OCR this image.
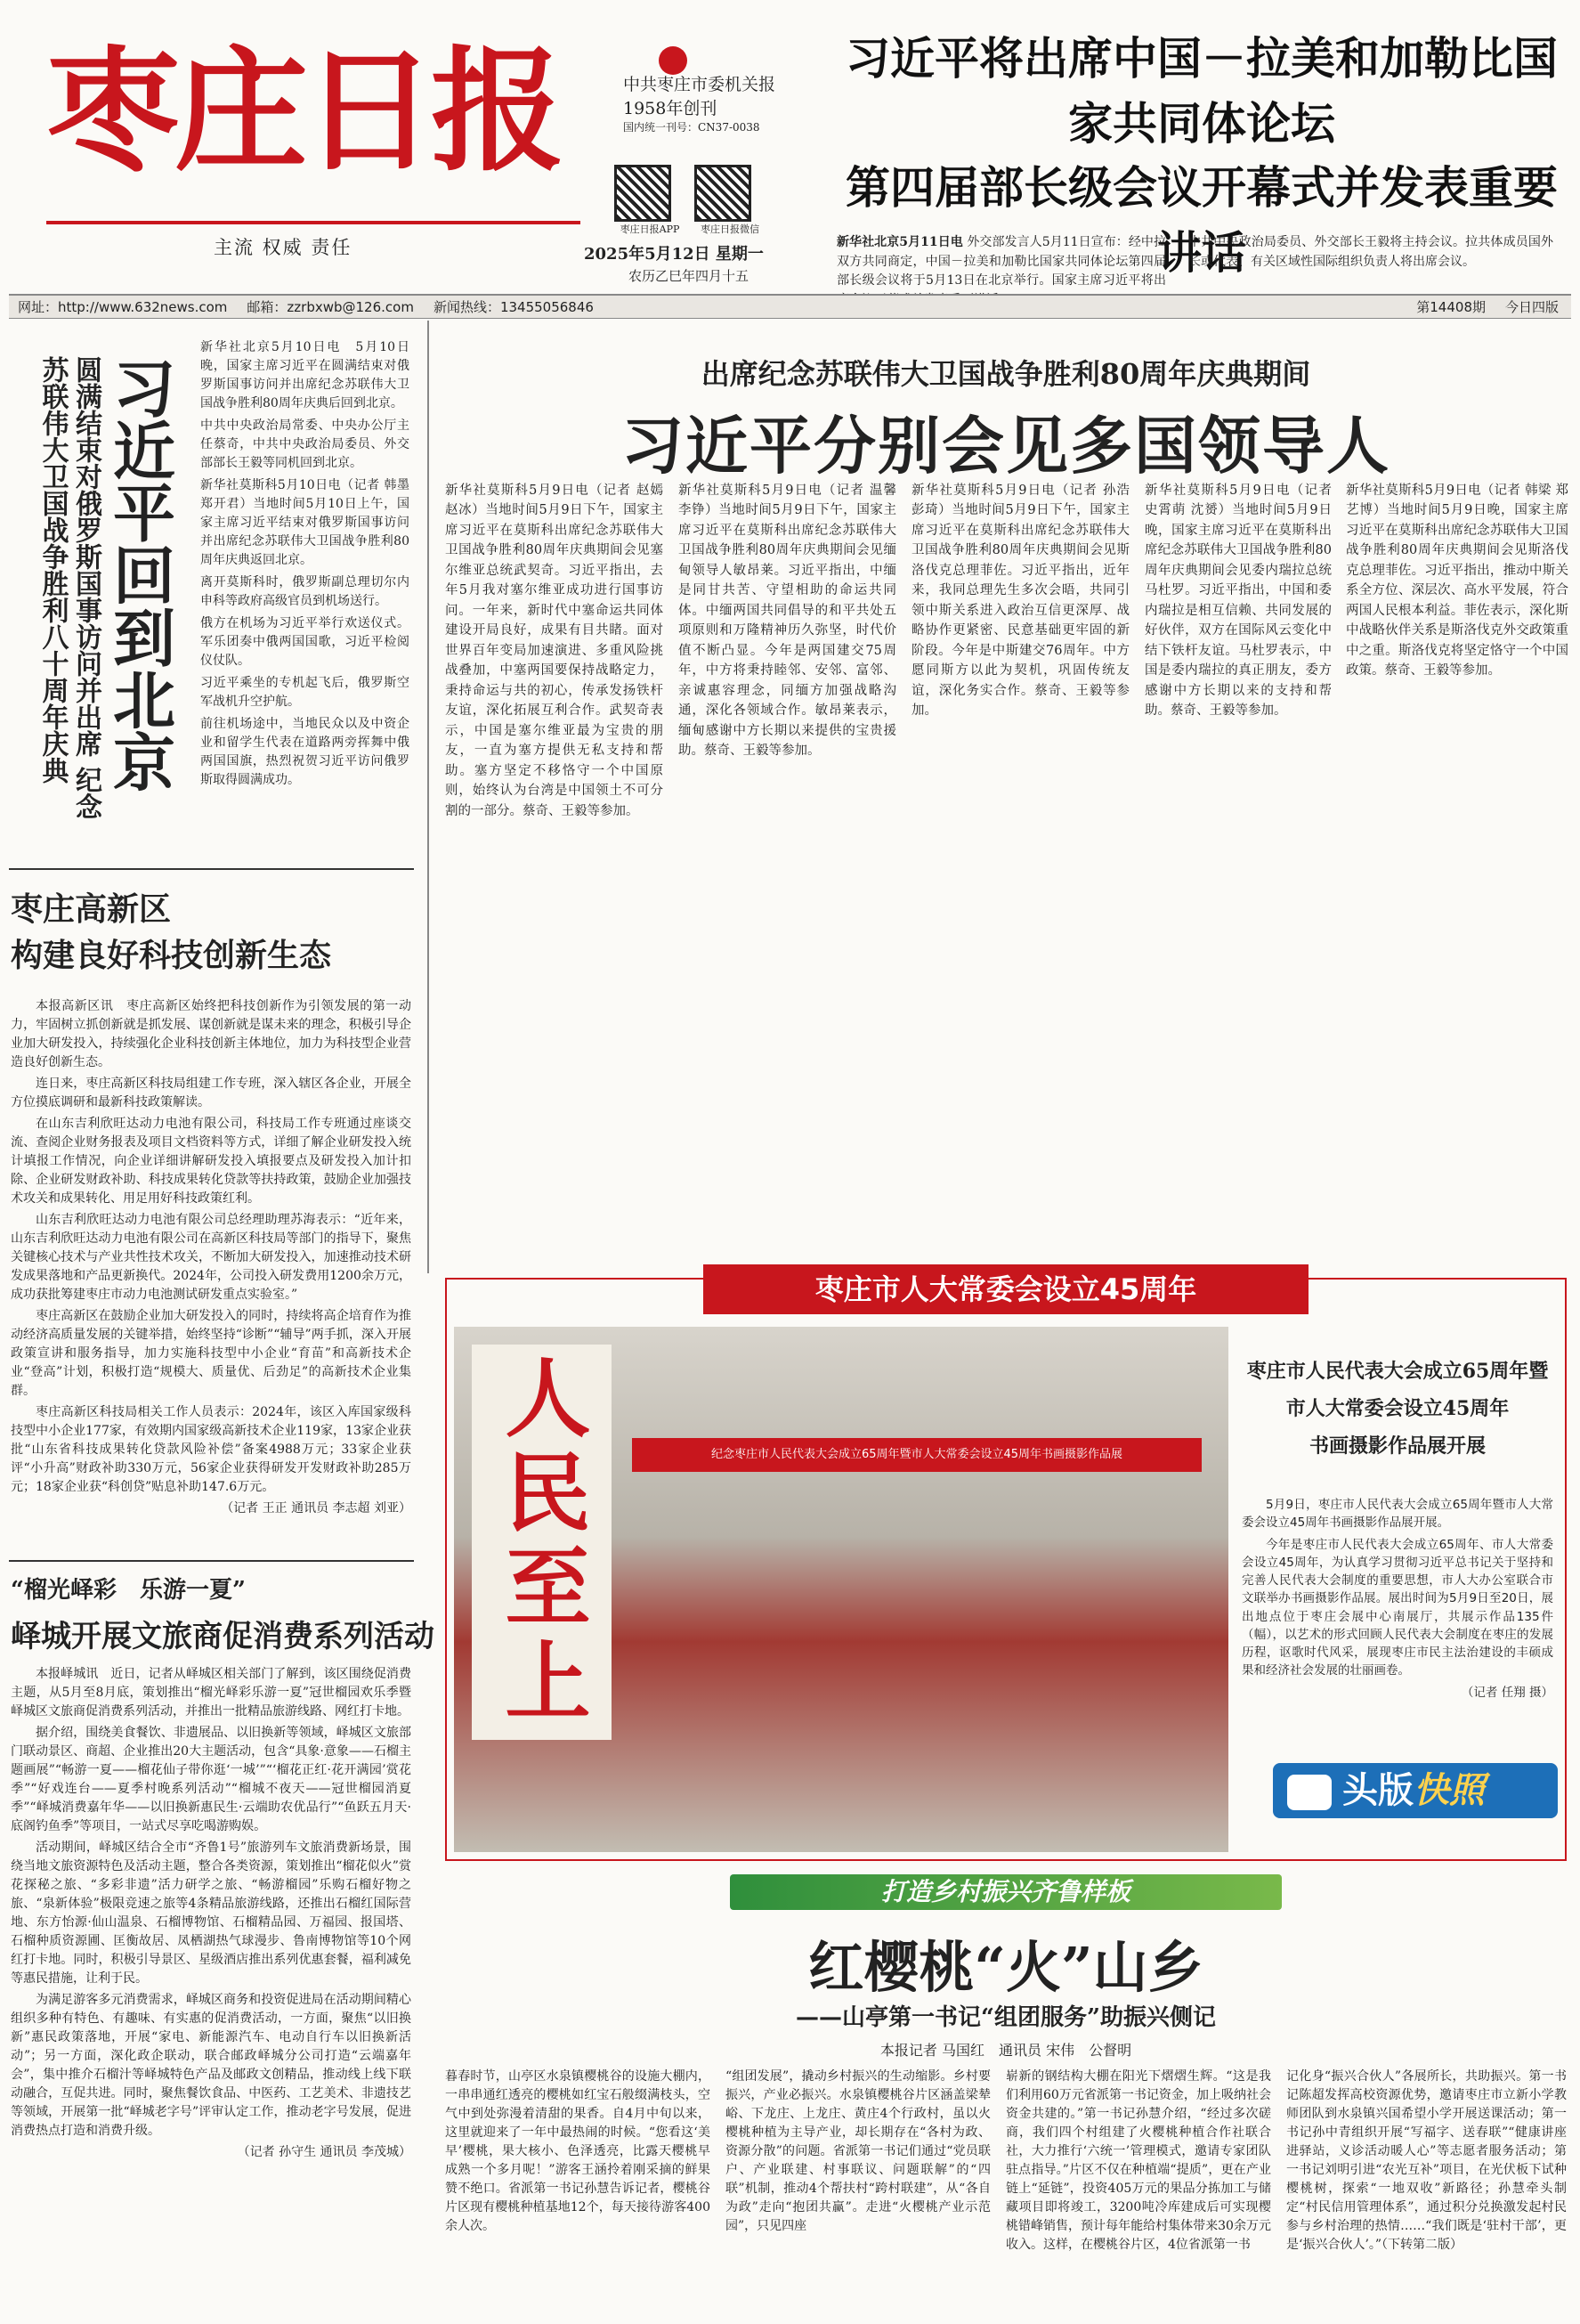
枣庄日报
主流 权威 责任
中共枣庄市委机关报
1958年创刊
国内统一刊号：CN37-0038
枣庄日报APP	枣庄日报微信
2025年5月12日 星期一
农历乙巳年四月十五
习近平将出席中国－拉美和加勒比国家共同体论坛
第四届部长级会议开幕式并发表重要讲话
新华社北京5月11日电 外交部发言人5月11日宣布：经中拉双方共同商定，中国－拉美和加勒比国家共同体论坛第四届部长级会议将于5月13日在北京举行。国家主席习近平将出
中共中央政治局委员、外交部长王毅将主持会议。拉共体成员国外长或代表、有关区域性国际组织负责人将出席会议。
网址：http://www.632news.com 邮箱：zzrbxwb@126.com 新闻热线：13455056846	第14408期 今日四版
习近平回到北京
圆满结束对俄罗斯国事访问并出席 纪念苏联伟大卫国战争胜利八十周年庆典

新华社北京5月10日电　5月10日晚，国家主席习近平在圆满结束对俄罗斯国事访问并出席纪念苏联伟大卫国战争胜利80周年庆典后回到北京。

中共中央政治局常委、中央办公厅主任蔡奇，中共中央政治局委员、外交部部长王毅等同机回到北京。

新华社莫斯科5月10日电（记者 韩墨 郑开君）当地时间5月10日上午，国家主席习近平结束对俄罗斯国事访问并出席纪念苏联伟大卫国战争胜利80周年庆典返回北京。

离开莫斯科时，俄罗斯副总理切尔内申科等政府高级官员到机场送行。

俄方在机场为习近平举行欢送仪式。军乐团奏中俄两国国歌，习近平检阅仪仗队。

习近平乘坐的专机起飞后，俄罗斯空军战机升空护航。

前往机场途中，当地民众以及中资企业和留学生代表在道路两旁挥舞中俄两国国旗，热烈祝贺习近平访问俄罗斯取得圆满成功。

出席纪念苏联伟大卫国战争胜利80周年庆典期间
习近平分别会见多国领导人
新华社莫斯科5月9日电（记者 赵嫣 赵冰）当地时间5月9日下午，国家主席习近平在莫斯科出席纪念苏联伟大卫国战争胜利80周年庆典期间会见塞尔维亚总统武契奇。习近平指出，去年5月我对塞尔维亚成功进行国事访问。一年来，新时代中塞命运共同体建设开局良好，成果有目共睹。面对世界百年变局加速演进、多重风险挑战叠加，中塞两国要保持战略定力，秉持命运与共的初心，传承发扬铁杆友谊，深化拓展互利合作。武契奇表示，中国是塞尔维亚最为宝贵的朋友，一直为塞方提供无私支持和帮助。塞方坚定不移恪守一个中国原则，始终认为台湾是中国领土不可分割的一部分。蔡奇、王毅等参加。
新华社莫斯科5月9日电（记者 温馨 李铮）当地时间5月9日下午，国家主席习近平在莫斯科出席纪念苏联伟大卫国战争胜利80周年庆典期间会见缅甸领导人敏昂莱。习近平指出，中缅是同甘共苦、守望相助的命运共同体。中缅两国共同倡导的和平共处五项原则和万隆精神历久弥坚，时代价值不断凸显。今年是两国建交75周年，中方将秉持睦邻、安邻、富邻、亲诚惠容理念，同缅方加强战略沟通，深化各领域合作。敏昂莱表示，缅甸感谢中方长期以来提供的宝贵援助。蔡奇、王毅等参加。
新华社莫斯科5月9日电（记者 孙浩 彭琦）当地时间5月9日下午，国家主席习近平在莫斯科出席纪念苏联伟大卫国战争胜利80周年庆典期间会见斯洛伐克总理菲佐。习近平指出，近年来，我同总理先生多次会晤，共同引领中斯关系进入政治互信更深厚、战略协作更紧密、民意基础更牢固的新阶段。今年是中斯建交76周年。中方愿同斯方以此为契机，巩固传统友谊，深化务实合作。蔡奇、王毅等参加。
新华社莫斯科5月9日电（记者 史霄萌 沈赟）当地时间5月9日晚，国家主席习近平在莫斯科出席纪念苏联伟大卫国战争胜利80周年庆典期间会见委内瑞拉总统马杜罗。习近平指出，中国和委内瑞拉是相互信赖、共同发展的好伙伴，双方在国际风云变化中结下铁杆友谊。马杜罗表示，中国是委内瑞拉的真正朋友，委方感谢中方长期以来的支持和帮助。蔡奇、王毅等参加。
新华社莫斯科5月9日电（记者 韩梁 郑艺博）当地时间5月9日晚，国家主席习近平在莫斯科出席纪念苏联伟大卫国战争胜利80周年庆典期间会见斯洛伐克总理菲佐。习近平指出，推动中斯关系全方位、深层次、高水平发展，符合两国人民根本利益。菲佐表示，深化斯中战略伙伴关系是斯洛伐克外交政策重中之重。斯洛伐克将坚定恪守一个中国政策。蔡奇、王毅等参加。
枣庄高新区
构建良好科技创新生态

本报高新区讯　枣庄高新区始终把科技创新作为引领发展的第一动力，牢固树立抓创新就是抓发展、谋创新就是谋未来的理念，积极引导企业加大研发投入，持续强化企业科技创新主体地位，加力为科技型企业营造良好创新生态。

连日来，枣庄高新区科技局组建工作专班，深入辖区各企业，开展全方位摸底调研和最新科技政策解读。

在山东吉利欣旺达动力电池有限公司，科技局工作专班通过座谈交流、查阅企业财务报表及项目文档资料等方式，详细了解企业研发投入统计填报工作情况，向企业详细讲解研发投入填报要点及研发投入加计扣除、企业研发财政补助、科技成果转化贷款等扶持政策，鼓励企业加强技术攻关和成果转化、用足用好科技政策红利。

山东吉利欣旺达动力电池有限公司总经理助理苏海表示：“近年来，山东吉利欣旺达动力电池有限公司在高新区科技局等部门的指导下，聚焦关键核心技术与产业共性技术攻关，不断加大研发投入，加速推动技术研发成果落地和产品更新换代。2024年，公司投入研发费用1200余万元，成功获批筹建枣庄市动力电池测试研发重点实验室。”

枣庄高新区在鼓励企业加大研发投入的同时，持续将高企培育作为推动经济高质量发展的关键举措，始终坚持“诊断”“辅导”两手抓，深入开展政策宣讲和服务指导，加力实施科技型中小企业“育苗”和高新技术企业“登高”计划，积极打造“规模大、质量优、后劲足”的高新技术企业集群。

枣庄高新区科技局相关工作人员表示：2024年，该区入库国家级科技型中小企业177家，有效期内国家级高新技术企业119家，13家企业获批“山东省科技成果转化贷款风险补偿”备案4988万元；33家企业获评“小升高”财政补助330万元，56家企业获得研发开发财政补助285万元；18家企业获“科创贷”贴息补助147.6万元。

（记者 王正 通讯员 李志超 刘亚）

“榴光峄彩　乐游一夏”
峄城开展文旅商促消费系列活动

本报峄城讯　近日，记者从峄城区相关部门了解到，该区围绕促消费主题，从5月至8月底，策划推出“榴光峄彩乐游一夏”冠世榴园欢乐季暨峄城区文旅商促消费系列活动，并推出一批精品旅游线路、网红打卡地。

据介绍，围绕美食餐饮、非遗展品、以旧换新等领域，峄城区文旅部门联动景区、商超、企业推出20大主题活动，包含“具象·意象——石榴主题画展”“畅游一夏——榴花仙子带你逛‘一城’”“‘榴花正红·花开满园’赏花季”“好戏连台——夏季村晚系列活动”“榴城不夜天——冠世榴园消夏季”“峄城消费嘉年华——以旧换新惠民生·云端助农优品行”“鱼跃五月天·底阁钓鱼季”等项目，一站式尽享吃喝游购娱。

活动期间，峄城区结合全市“齐鲁1号”旅游列车文旅消费新场景，围绕当地文旅资源特色及活动主题，整合各类资源，策划推出“榴花似火”赏花探秘之旅、“多彩非遗”活力研学之旅、“畅游榴园”乐购石榴好物之旅、“泉新体验”极限竞速之旅等4条精品旅游线路，还推出石榴红国际营地、东方怡源·仙山温泉、石榴博物馆、石榴精品园、万福园、报国塔、石榴种质资源圃、匡衡故居、凤栖湖热气球漫步、鲁南博物馆等10个网红打卡地。同时，积极引导景区、星级酒店推出系列优惠套餐，福利减免等惠民措施，让利于民。

为满足游客多元消费需求，峄城区商务和投资促进局在活动期间精心组织多种有特色、有趣味、有实惠的促消费活动，一方面，聚焦“以旧换新”惠民政策落地，开展“家电、新能源汽车、电动自行车以旧换新活动”；另一方面，深化政企联动，联合邮政峄城分公司打造“云端嘉年会”，集中推介石榴汁等峄城特色产品及邮政文创精品，推动线上线下联动融合，互促共进。同时，聚焦餐饮食品、中医药、工艺美术、非遗技艺等领域，开展第一批“峄城老字号”评审认定工作，推动老字号发展，促进消费热点打造和消费升级。

（记者 孙守生 通讯员 李茂城）

枣庄市人大常委会设立45周年
人民至上	纪念枣庄市人民代表大会成立65周年暨市人大常委会设立45周年书画摄影作品展
枣庄市人民代表大会成立65周年暨
市人大常委会设立45周年
书画摄影作品展开展

5月9日，枣庄市人民代表大会成立65周年暨市人大常委会设立45周年书画摄影作品展开展。

今年是枣庄市人民代表大会成立65周年、市人大常委会设立45周年，为认真学习贯彻习近平总书记关于坚持和完善人民代表大会制度的重要思想，市人大办公室联合市文联举办书画摄影作品展。展出时间为5月9日至20日，展出地点位于枣庄会展中心南展厅，共展示作品135件（幅），以艺术的形式回顾人民代表大会制度在枣庄的发展历程，讴歌时代风采，展现枣庄市民主法治建设的丰硕成果和经济社会发展的壮丽画卷。

（记者 任翔 摄）

头版快照
打造乡村振兴齐鲁样板
红樱桃“火”山乡
——山亭第一书记“组团服务”助振兴侧记
本报记者 马国红　通讯员 宋伟　公督明
暮春时节，山亭区水泉镇樱桃谷的设施大棚内，一串串通红透亮的樱桃如红宝石般缀满枝头，空气中到处弥漫着清甜的果香。自4月中旬以来，这里就迎来了一年中最热闹的时候。“您看这‘美早’樱桃，果大核小、色泽透亮，比露天樱桃早成熟一个多月呢！”游客王涵拎着刚采摘的鲜果赞不绝口。省派第一书记孙慧告诉记者，樱桃谷片区现有樱桃种植基地12个，每天接待游客400余人次。
“组团发展”，撬动乡村振兴的生动缩影。乡村要振兴，产业必振兴。水泉镇樱桃谷片区涵盖梁辇峪、下龙庄、上龙庄、黄庄4个行政村，虽以火樱桃种植为主导产业，却长期存在“各村为政、资源分散”的问题。省派第一书记们通过“党员联户、产业联建、村事联议、问题联解”的“四联”机制，推动4个帮扶村“跨村联建”，从“各自为政”走向“抱团共赢”。走进“火樱桃产业示范园”，只见四座
崭新的钢结构大棚在阳光下熠熠生辉。“这是我们利用60万元省派第一书记资金，加上吸纳社会资金共建的。”第一书记孙慧介绍，“经过多次磋商，我们四个村组建了火樱桃种植合作社联合社，大力推行‘六统一’管理模式，邀请专家团队驻点指导。”片区不仅在种植端“提质”，更在产业链上“延链”，投资405万元的果品分拣加工与储藏项目即将竣工，3200吨冷库建成后可实现樱桃错峰销售，预计每年能给村集体带来30余万元收入。这样，在樱桃谷片区，4位省派第一书
记化身“振兴合伙人”各展所长，共助振兴。第一书记陈超发挥高校资源优势，邀请枣庄市立新小学教师团队到水泉镇兴国希望小学开展送课活动；第一书记孙中青组织开展“写福字、送春联”“健康讲座进驿站，义诊活动暖人心”等志愿者服务活动；第一书记刘明引进“农光互补”项目，在光伏板下试种樱桃树，探索“一地双收”新路径；孙慧牵头制定“村民信用管理体系”，通过积分兑换激发起村民参与乡村治理的热情……“我们既是‘驻村干部’，更是‘振兴合伙人’。”（下转第二版）
